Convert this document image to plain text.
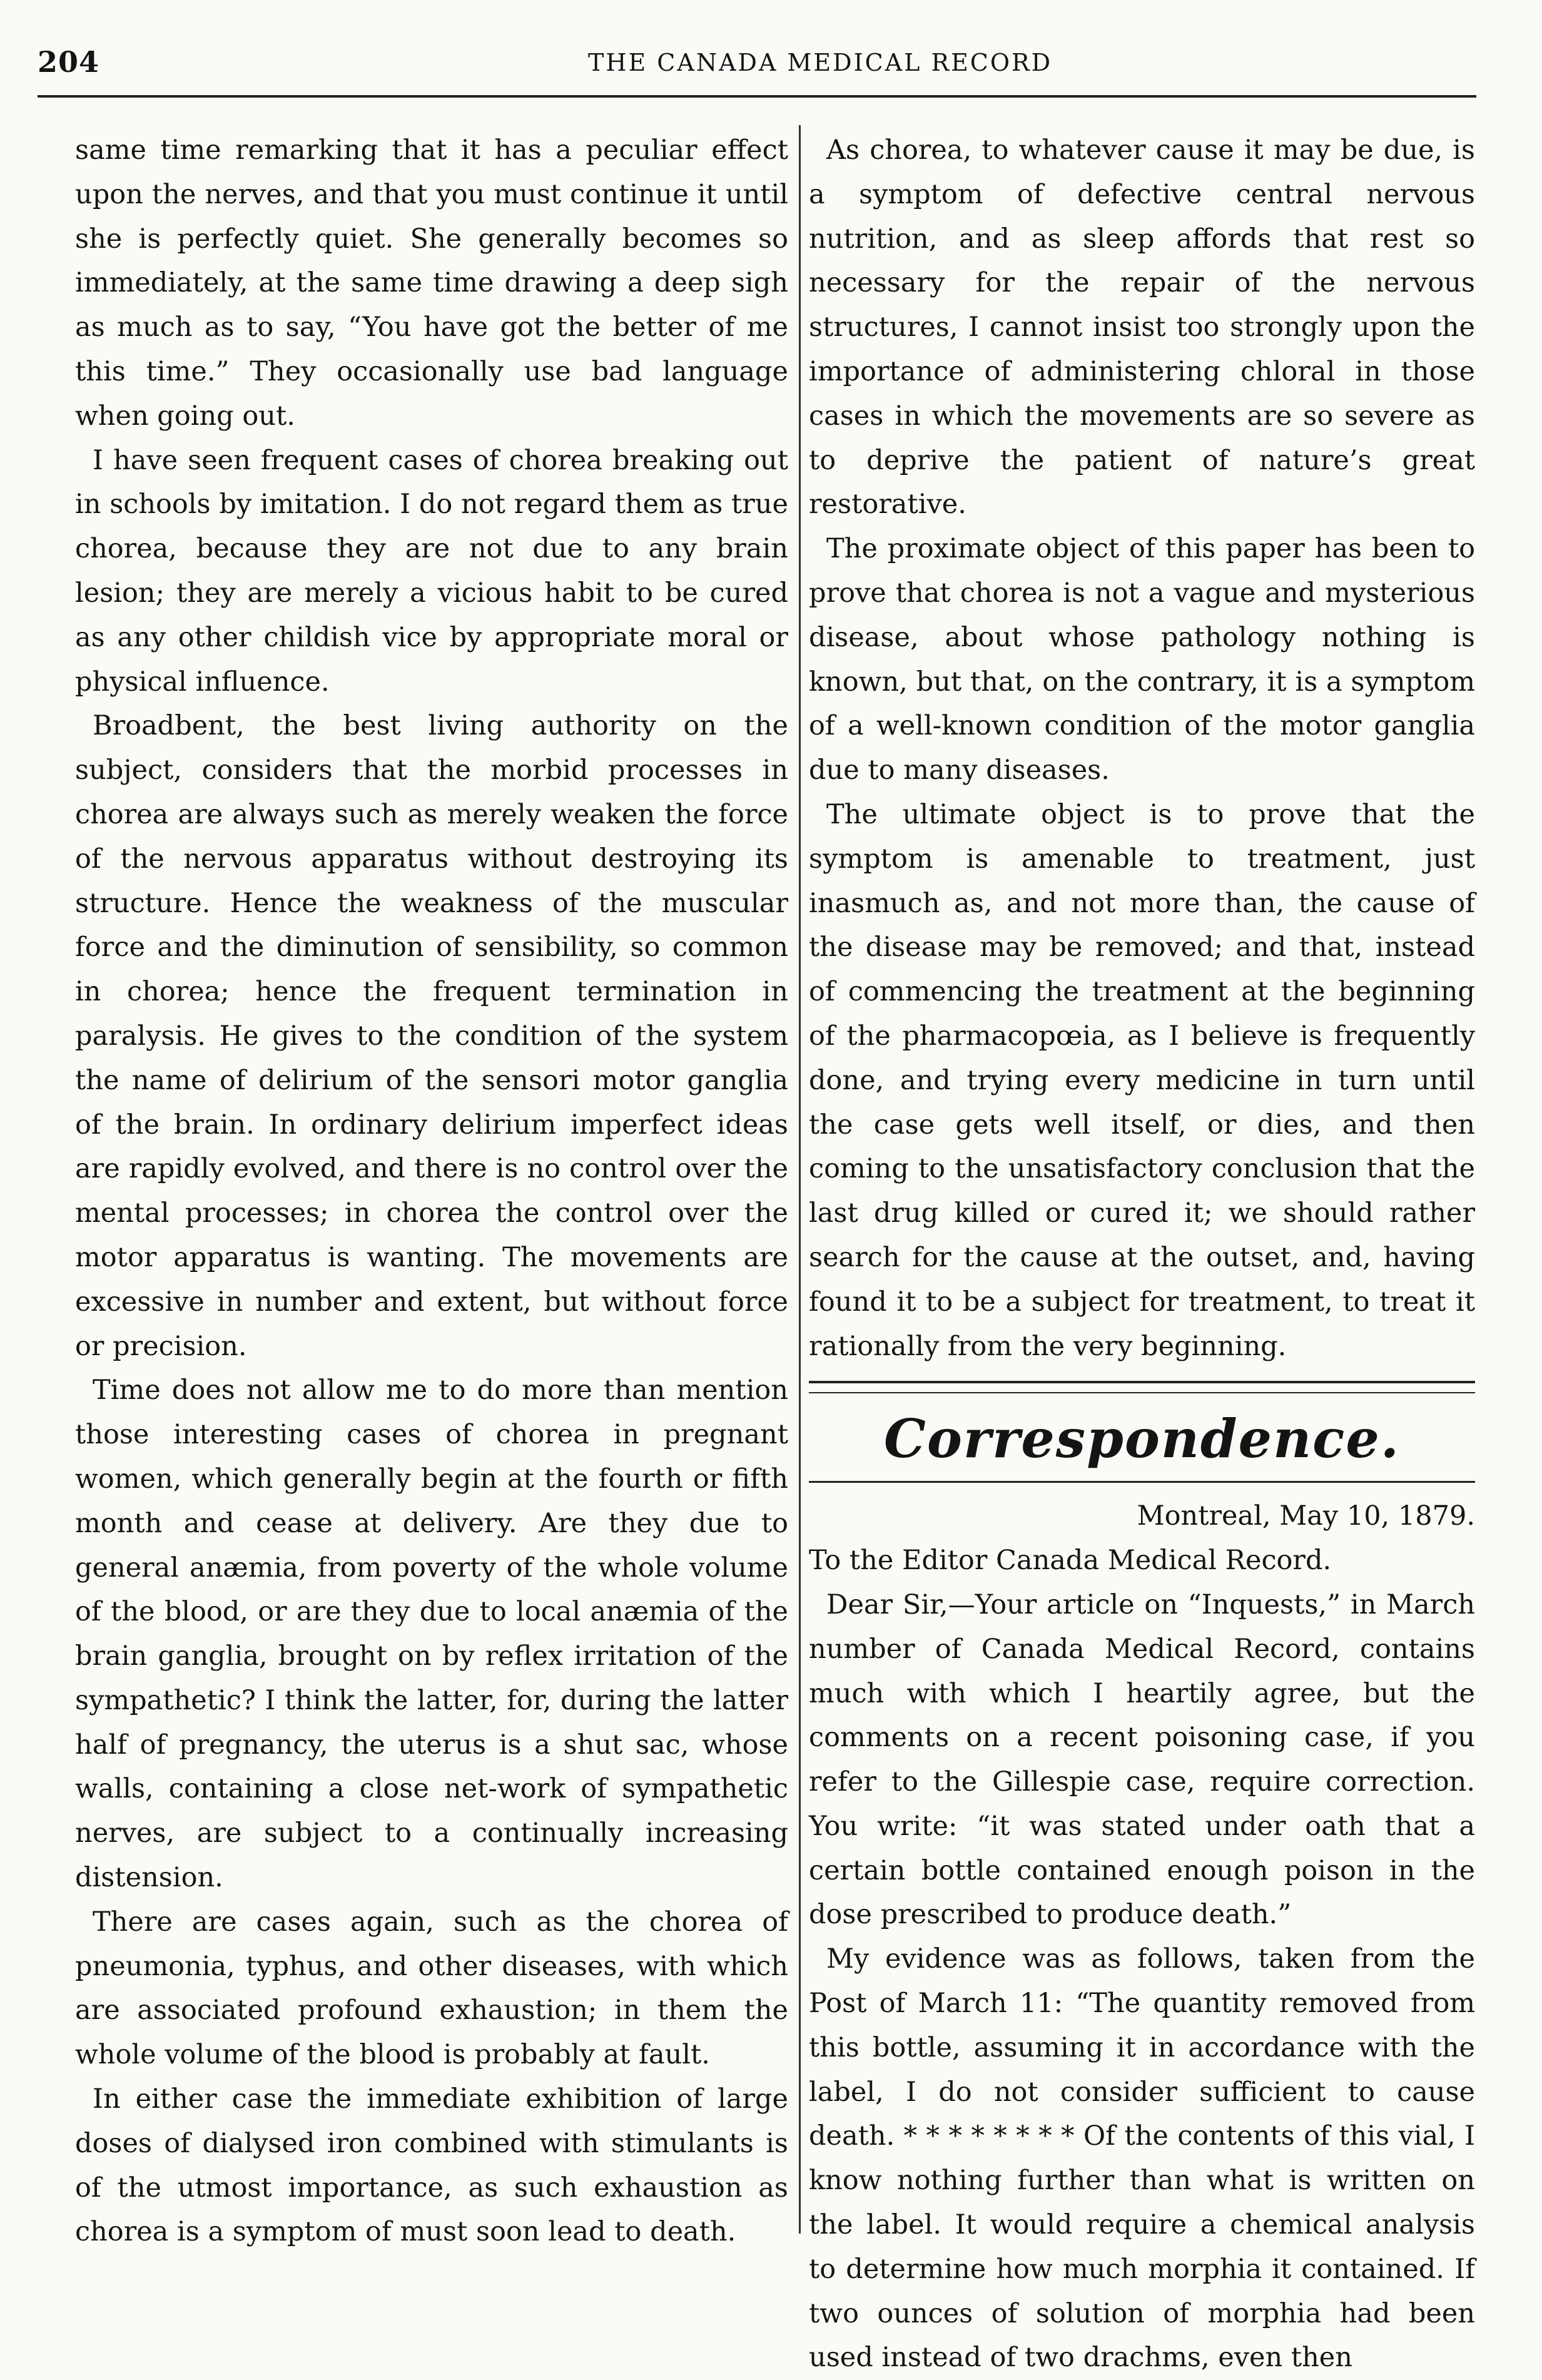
204	THE CANADA MEDICAL RECORD

same time remarking that it has a peculiar effect upon the nerves, and that you must continue it until she is perfectly quiet. She generally becomes so immediately, at the same time drawing a deep sigh as much as to say, “You have got the better of me this time.” They occasionally use bad language when going out.

I have seen frequent cases of chorea breaking out in schools by imitation. I do not regard them as true chorea, because they are not due to any brain lesion; they are merely a vicious habit to be cured as any other childish vice by appropriate moral or physical influence.

Broadbent, the best living authority on the subject, considers that the morbid processes in chorea are always such as merely weaken the force of the nervous apparatus without destroying its structure. Hence the weakness of the muscular force and the diminution of sensibility, so common in chorea; hence the frequent termination in paralysis. He gives to the condition of the system the name of delirium of the sensori motor ganglia of the brain. In ordinary delirium imperfect ideas are rapidly evolved, and there is no control over the mental processes; in chorea the control over the motor apparatus is wanting. The movements are excessive in number and extent, but without force or precision.

Time does not allow me to do more than mention those interesting cases of chorea in pregnant women, which generally begin at the fourth or fifth month and cease at delivery. Are they due to general anæmia, from poverty of the whole volume of the blood, or are they due to local anæmia of the brain ganglia, brought on by reflex irritation of the sympathetic? I think the latter, for, during the latter half of pregnancy, the uterus is a shut sac, whose walls, containing a close net-work of sympathetic nerves, are subject to a continually increasing distension.

There are cases again, such as the chorea of pneumonia, typhus, and other diseases, with which are associated profound exhaustion; in them the whole volume of the blood is probably at fault.

In either case the immediate exhibition of large doses of dialysed iron combined with stimulants is of the utmost importance, as such exhaustion as chorea is a symptom of must soon lead to death.

As chorea, to whatever cause it may be due, is a symptom of defective central nervous nutrition, and as sleep affords that rest so necessary for the repair of the nervous structures, I cannot insist too strongly upon the importance of administering chloral in those cases in which the movements are so severe as to deprive the patient of nature’s great restorative.

The proximate object of this paper has been to prove that chorea is not a vague and mysterious disease, about whose pathology nothing is known, but that, on the contrary, it is a symptom of a well-known condition of the motor ganglia due to many diseases.

The ultimate object is to prove that the symptom is amenable to treatment, just inasmuch as, and not more than, the cause of the disease may be removed; and that, instead of commencing the treatment at the beginning of the pharmacopœia, as I believe is frequently done, and trying every medicine in turn until the case gets well itself, or dies, and then coming to the unsatisfactory conclusion that the last drug killed or cured it; we should rather search for the cause at the outset, and, having found it to be a subject for treatment, to treat it rationally from the very beginning.

Correspondence.

Montreal, May 10, 1879.

To the Editor Canada Medical Record.

Dear Sir,—Your article on “Inquests,” in March number of Canada Medical Record, contains much with which I heartily agree, but the comments on a recent poisoning case, if you refer to the Gillespie case, require correction. You write: “it was stated under oath that a certain bottle contained enough poison in the dose prescribed to produce death.”

My evidence was as follows, taken from the Post of March 11: “The quantity removed from this bottle, assuming it in accordance with the label, I do not consider sufficient to cause death. * * * * * * * * Of the contents of this vial, I know nothing further than what is written on the label. It would require a chemical analysis to determine how much morphia it contained. If two ounces of solution of morphia had been used instead of two drachms, even then
